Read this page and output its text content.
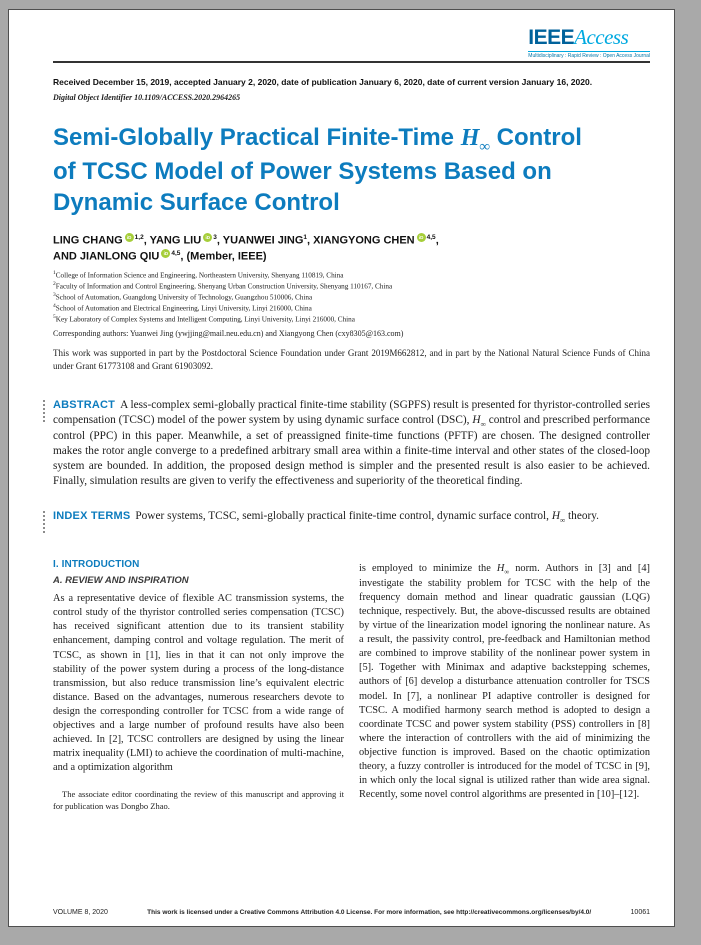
IEEEAccess
Multidisciplinary : Rapid Review : Open Access Journal
Received December 15, 2019, accepted January 2, 2020, date of publication January 6, 2020, date of current version January 16, 2020.
Digital Object Identifier 10.1109/ACCESS.2020.2964265
Semi-Globally Practical Finite-Time $H_\infty$ Control
of TCSC Model of Power Systems Based on
Dynamic Surface Control
LING CHANG iD $^{1,2}$, YANG LIU iD $^3$, YUANWEI JING$^1$, XIANGYONG CHEN iD $^{4,5}$,
AND JIANLONG QIU iD $^{4,5}$, (Member, IEEE)
$^1$College of Information Science and Engineering, Northeastern University, Shenyang 110819, China
$^2$Faculty of Information and Control Engineering, Shenyang Urban Construction University, Shenyang 110167, China
$^3$School of Automation, Guangdong University of Technology, Guangzhou 510006, China
$^4$School of Automation and Electrical Engineering, Linyi University, Linyi 216000, China
$^5$Key Laboratory of Complex Systems and Intelligent Computing, Linyi University, Linyi 216000, China
Corresponding authors: Yuanwei Jing (ywjjing@mail.neu.edu.cn) and Xiangyong Chen (cxy8305@163.com)
This work was supported in part by the Postdoctoral Science Foundation under Grant 2019M662812, and in part by the National Natural Science Funds of China under Grant 61773108 and Grant 61903092.
ABSTRACT A less-complex semi-globally practical finite-time stability (SGPFS) result is presented for thyristor-controlled series compensation (TCSC) model of the power system by using dynamic surface control (DSC), $H_\infty$ control and prescribed performance control (PPC) in this paper. Meanwhile, a set of preassigned finite-time functions (PFTF) are chosen. The designed controller makes the rotor angle converge to a predefined arbitrary small area within a finite-time interval and other states of the closed-loop system are bounded. In addition, the proposed design method is simpler and the presented result is also easier to be achieved. Finally, simulation results are given to verify the effectiveness and superiority of the theoretical finding.
INDEX TERMS Power systems, TCSC, semi-globally practical finite-time control, dynamic surface control, $H_\infty$ theory.
I. INTRODUCTION
A. REVIEW AND INSPIRATION

As a representative device of flexible AC transmission systems, the control study of the thyristor controlled series compensation (TCSC) has received significant attention due to its transient stability enhancement, damping control and voltage regulation. The merit of TCSC, as shown in [1], lies in that it can not only improve the stability of the power system during a process of the long-distance transmission, but also reduce transmission line’s equivalent electric distance. Based on the advantages, numerous researchers devote to design the corresponding controller for TCSC from a wide range of objectives and a large number of profound results have also been achieved. In [2], TCSC controllers are designed by using the linear matrix inequality (LMI) to achieve the coordination of multi-machine, and a optimization algorithm

The associate editor coordinating the review of this manuscript and approving it for publication was Dongbo Zhao.

is employed to minimize the $H_\infty$ norm. Authors in [3] and [4] investigate the stability problem for TCSC with the help of the frequency domain method and linear quadratic gaussian (LQG) technique, respectively. But, the above-discussed results are obtained by virtue of the linearization model ignoring the nonlinear nature. As a result, the passivity control, pre-feedback and Hamiltonian method are combined to improve stability of the nonlinear power system in [5]. Together with Minimax and adaptive backstepping schemes, authors of [6] develop a disturbance attenuation controller for TSCS model. In [7], a nonlinear PI adaptive controller is designed for TCSC. A modified harmony search method is adopted to design a coordinate TCSC and power system stability (PSS) controllers in [8] where the interaction of controllers with the aid of minimizing the objective function is improved. Based on the chaotic optimization theory, a fuzzy controller is introduced for the model of TCSC in [9], in which only the local signal is utilized rather than wide area signal. Recently, some novel control algorithms are presented in [10]–[12].

VOLUME 8, 2020	This work is licensed under a Creative Commons Attribution 4.0 License. For more information, see http://creativecommons.org/licenses/by/4.0/	10061
